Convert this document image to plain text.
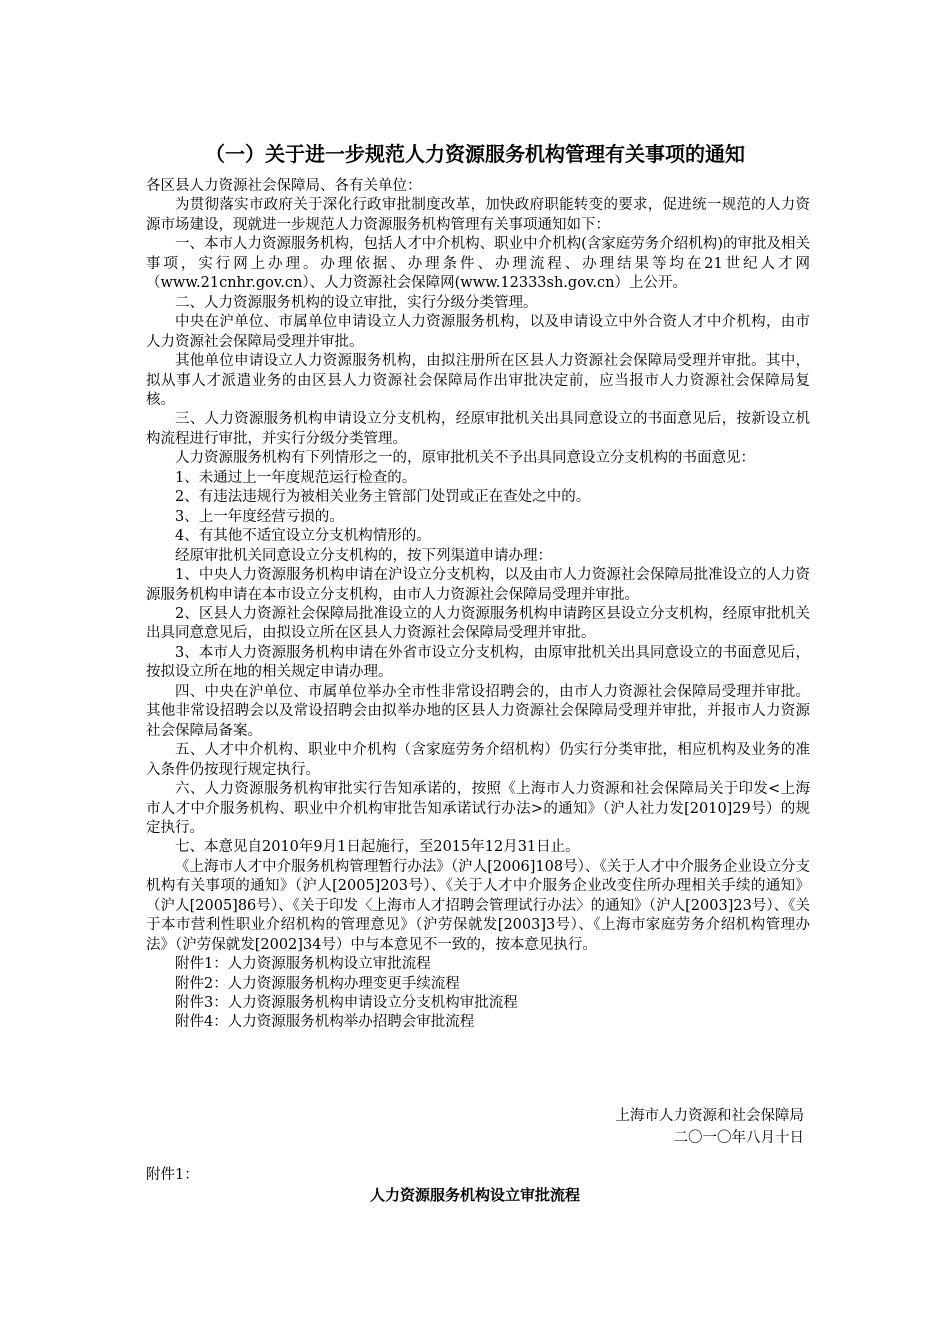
（一）关于进一步规范人力资源服务机构管理有关事项的通知

各区县人力资源社会保障局、各有关单位：

为贯彻落实市政府关于深化行政审批制度改革，加快政府职能转变的要求，促进统一规范的人力资源市场建设，现就进一步规范人力资源服务机构管理有关事项通知如下：

一、本市人力资源服务机构，包括人才中介机构、职业中介机构(含家庭劳务介绍机构)的审批及相关事项，实行网上办理。办理依据、办理条件、办理流程、办理结果等均在21世纪人才网（www.21cnhr.gov.cn）、人力资源社会保障网(www.12333sh.gov.cn）上公开。

二、人力资源服务机构的设立审批，实行分级分类管理。

中央在沪单位、市属单位申请设立人力资源服务机构，以及申请设立中外合资人才中介机构，由市人力资源社会保障局受理并审批。

其他单位申请设立人力资源服务机构，由拟注册所在区县人力资源社会保障局受理并审批。其中，拟从事人才派遣业务的由区县人力资源社会保障局作出审批决定前，应当报市人力资源社会保障局复核。

三、人力资源服务机构申请设立分支机构，经原审批机关出具同意设立的书面意见后，按新设立机构流程进行审批，并实行分级分类管理。

人力资源服务机构有下列情形之一的，原审批机关不予出具同意设立分支机构的书面意见：

1、未通过上一年度规范运行检查的。

2、有违法违规行为被相关业务主管部门处罚或正在查处之中的。

3、上一年度经营亏损的。

4、有其他不适宜设立分支机构情形的。

经原审批机关同意设立分支机构的，按下列渠道申请办理：

1、中央人力资源服务机构申请在沪设立分支机构，以及由市人力资源社会保障局批准设立的人力资源服务机构申请在本市设立分支机构，由市人力资源社会保障局受理并审批。

2、区县人力资源社会保障局批准设立的人力资源服务机构申请跨区县设立分支机构，经原审批机关出具同意意见后，由拟设立所在区县人力资源社会保障局受理并审批。

3、本市人力资源服务机构申请在外省市设立分支机构，由原审批机关出具同意设立的书面意见后，按拟设立所在地的相关规定申请办理。

四、中央在沪单位、市属单位举办全市性非常设招聘会的，由市人力资源社会保障局受理并审批。其他非常设招聘会以及常设招聘会由拟举办地的区县人力资源社会保障局受理并审批，并报市人力资源社会保障局备案。

五、人才中介机构、职业中介机构（含家庭劳务介绍机构）仍实行分类审批，相应机构及业务的准入条件仍按现行规定执行。

六、人力资源服务机构审批实行告知承诺的，按照《上海市人力资源和社会保障局关于印发<上海市人才中介服务机构、职业中介机构审批告知承诺试行办法>的通知》（沪人社力发[2010]29号）的规定执行。

七、本意见自2010年9月1日起施行，至2015年12月31日止。

《上海市人才中介服务机构管理暂行办法》（沪人[2006]108号）、《关于人才中介服务企业设立分支机构有关事项的通知》（沪人[2005]203号）、《关于人才中介服务企业改变住所办理相关手续的通知》（沪人[2005]86号）、《关于印发〈上海市人才招聘会管理试行办法〉的通知》（沪人[2003]23号）、《关于本市营利性职业介绍机构的管理意见》（沪劳保就发[2003]3号）、《上海市家庭劳务介绍机构管理办法》（沪劳保就发[2002]34号）中与本意见不一致的，按本意见执行。

附件1：人力资源服务机构设立审批流程

附件2：人力资源服务机构办理变更手续流程

附件3：人力资源服务机构申请设立分支机构审批流程

附件4：人力资源服务机构举办招聘会审批流程

上海市人力资源和社会保障局
二〇一〇年八月十日
附件1：
人力资源服务机构设立审批流程
